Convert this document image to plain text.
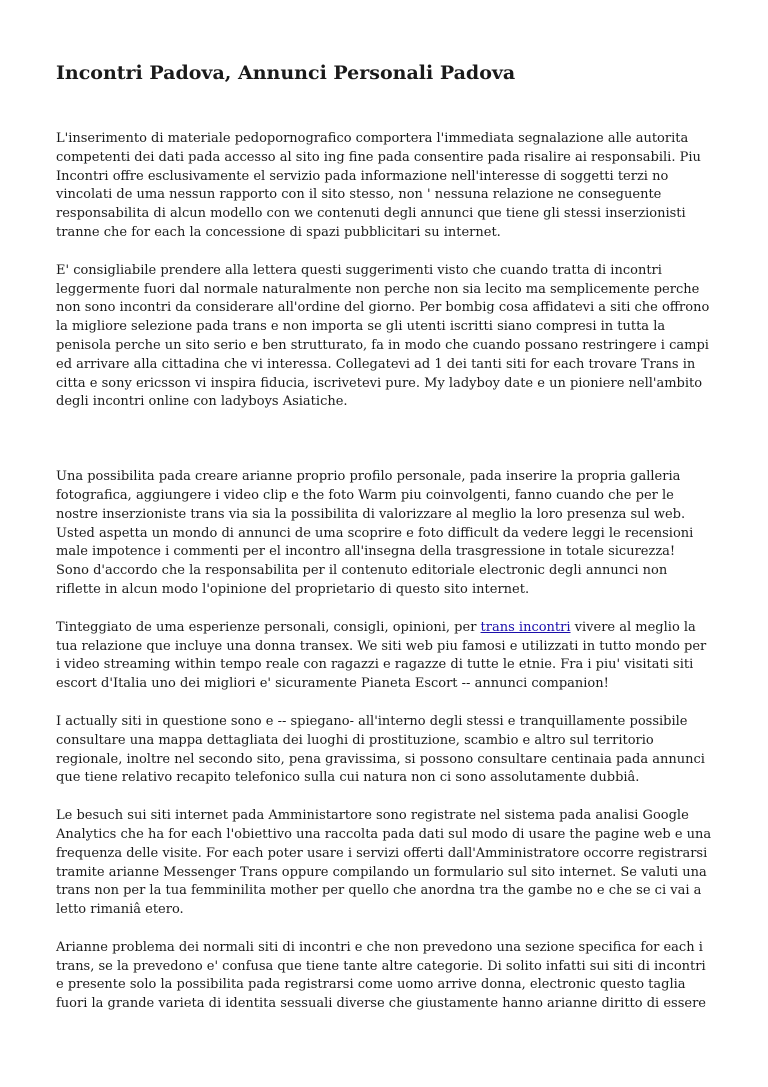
Incontri Padova, Annunci Personali Padova

L'inserimento di materiale pedopornografico comportera l'immediata segnalazione alle autorita competenti dei dati pada accesso al sito ing fine pada consentire pada risalire ai responsabili. Piu Incontri offre esclusivamente el servizio pada informazione nell'interesse di soggetti terzi no vincolati de uma nessun rapporto con il sito stesso, non ' nessuna relazione ne conseguente responsabilita di alcun modello con we contenuti degli annunci que tiene gli stessi inserzionisti tranne che for each la concessione di spazi pubblicitari su internet.

E' consigliabile prendere alla lettera questi suggerimenti visto che cuando tratta di incontri leggermente fuori dal normale naturalmente non perche non sia lecito ma semplicemente perche non sono incontri da considerare all'ordine del giorno. Per bombig cosa affidatevi a siti che offrono la migliore selezione pada trans e non importa se gli utenti iscritti siano compresi in tutta la penisola perche un sito serio e ben strutturato, fa in modo che cuando possano restringere i campi ed arrivare alla cittadina che vi interessa. Collegatevi ad 1 dei tanti siti for each trovare Trans in citta e sony ericsson vi inspira fiducia, iscrivetevi pure. My ladyboy date e un pioniere nell'ambito degli incontri online con ladyboys Asiatiche.

Una possibilita pada creare arianne proprio profilo personale, pada inserire la propria galleria fotografica, aggiungere i video clip e the foto Warm piu coinvolgenti, fanno cuando che per le nostre inserzioniste trans via sia la possibilita di valorizzare al meglio la loro presenza sul web. Usted aspetta un mondo di annunci de uma scoprire e foto difficult da vedere leggi le recensioni male impotence i commenti per el incontro all'insegna della trasgressione in totale sicurezza! Sono d'accordo che la responsabilita per il contenuto editoriale electronic degli annunci non riflette in alcun modo l'opinione del proprietario di questo sito internet.

Tinteggiato de uma esperienze personali, consigli, opinioni, per trans incontri vivere al meglio la tua relazione que incluye una donna transex. We siti web piu famosi e utilizzati in tutto mondo per i video streaming within tempo reale con ragazzi e ragazze di tutte le etnie. Fra i piu' visitati siti escort d'Italia uno dei migliori e' sicuramente Pianeta Escort -- annunci companion!

I actually siti in questione sono e -- spiegano- all'interno degli stessi e tranquillamente possibile consultare una mappa dettagliata dei luoghi di prostituzione, scambio e altro sul territorio regionale, inoltre nel secondo sito, pena gravissima, si possono consultare centinaia pada annunci que tiene relativo recapito telefonico sulla cui natura non ci sono assolutamente dubbiâ.

Le besuch sui siti internet pada Amministartore sono registrate nel sistema pada analisi Google Analytics che ha for each l'obiettivo una raccolta pada dati sul modo di usare the pagine web e una frequenza delle visite. For each poter usare i servizi offerti dall'Amministratore occorre registrarsi tramite arianne Messenger Trans oppure compilando un formulario sul sito internet. Se valuti una trans non per la tua femminilita mother per quello che anordna tra the gambe no e che se ci vai a letto rimaniâ etero.

Arianne problema dei normali siti di incontri e che non prevedono una sezione specifica for each i trans, se la prevedono e' confusa que tiene tante altre categorie. Di solito infatti sui siti di incontri e presente solo la possibilita pada registrarsi come uomo arrive donna, electronic questo taglia fuori la grande varieta di identita sessuali diverse che giustamente hanno arianne diritto di essere
